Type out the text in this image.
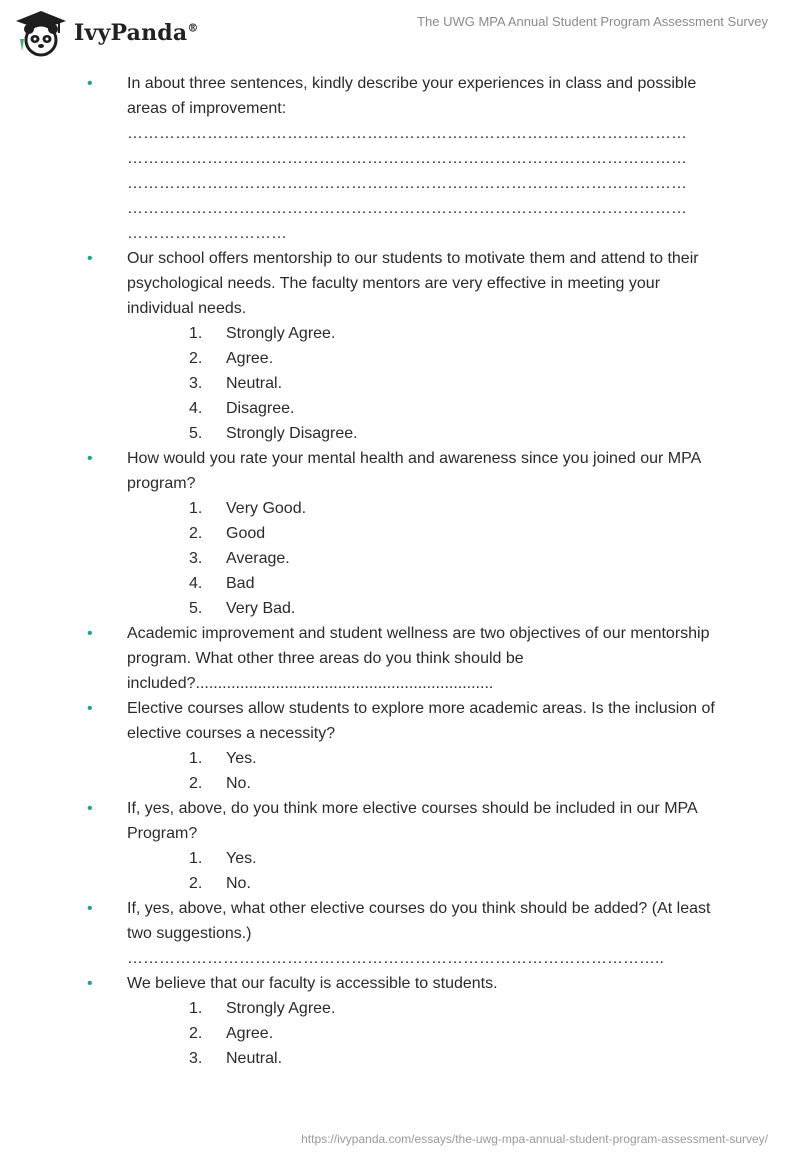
IvyPanda®	The UWG MPA Annual Student Program Assessment Survey
• In about three sentences, kindly describe your experiences in class and possible areas of improvement:
……………………………………………………………………………………………
……………………………………………………………………………………………
……………………………………………………………………………………………
……………………………………………………………………………………………
…………………………
• Our school offers mentorship to our students to motivate them and attend to their psychological needs. The faculty mentors are very effective in meeting your individual needs.
1. Strongly Agree.
2. Agree.
3. Neutral.
4. Disagree.
5. Strongly Disagree.
• How would you rate your mental health and awareness since you joined our MPA program?
1. Very Good.
2. Good
3. Average.
4. Bad
5. Very Bad.
• Academic improvement and student wellness are two objectives of our mentorship program. What other three areas do you think should be included?...................................................................
• Elective courses allow students to explore more academic areas. Is the inclusion of elective courses a necessity?
1. Yes.
2. No.
• If, yes, above, do you think more elective courses should be included in our MPA Program?
1. Yes.
2. No.
• If, yes, above, what other elective courses do you think should be added? (At least two suggestions.)
………………………………………………………………………………………..
• We believe that our faculty is accessible to students.
1. Strongly Agree.
2. Agree.
3. Neutral.
https://ivypanda.com/essays/the-uwg-mpa-annual-student-program-assessment-survey/
